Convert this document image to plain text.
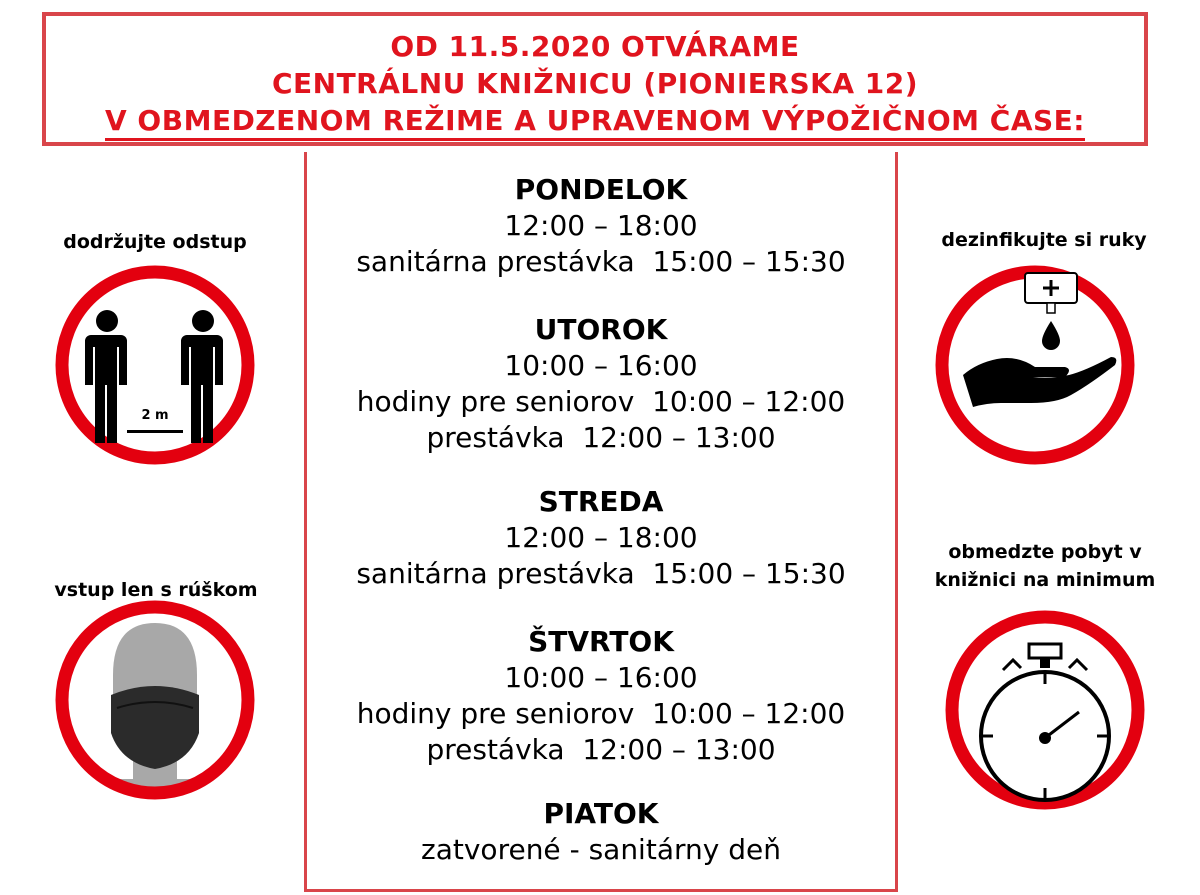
OD 11.5.2020 OTVÁRAME
CENTRÁLNU KNIŽNICU (PIONIERSKA 12)
V OBMEDZENOM REŽIME A UPRAVENOM VÝPOŽIČNOM ČASE:
PONDELOK
12:00 – 18:00
sanitárna prestávka  15:00 – 15:30
UTOROK
10:00 – 16:00
hodiny pre seniorov  10:00 – 12:00
prestávka  12:00 – 13:00
STREDA
12:00 – 18:00
sanitárna prestávka  15:00 – 15:30
ŠTVRTOK
10:00 – 16:00
hodiny pre seniorov  10:00 – 12:00
prestávka  12:00 – 13:00
PIATOK
zatvorené - sanitárny deň
dodržujte odstup
2 m
vstup len s rúškom
dezinfikujte si ruky
obmedzte pobyt v
knižnici na minimum
